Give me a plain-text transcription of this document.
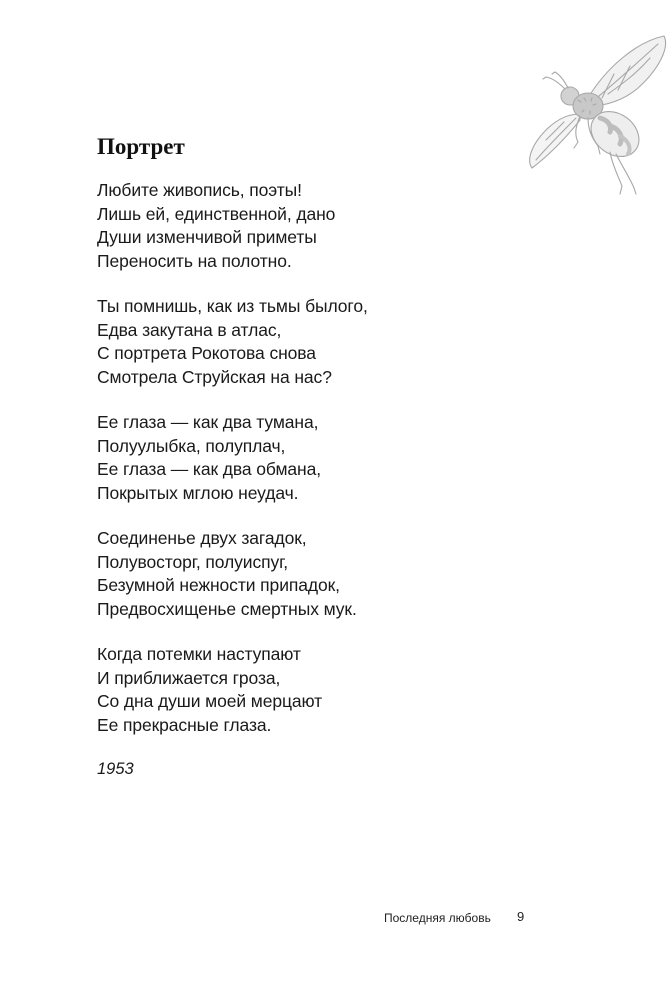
Портрет

Любите живопись, поэты!
Лишь ей, единственной, дано
Души изменчивой приметы
Переносить на полотно.

Ты помнишь, как из тьмы былого,
Едва закутана в атлас,
С портрета Рокотова снова
Смотрела Струйская на нас?

Ее глаза — как два тумана,
Полуулыбка, полуплач,
Ее глаза — как два обмана,
Покрытых мглою неудач.

Соединенье двух загадок,
Полувосторг, полуиспуг,
Безумной нежности припадок,
Предвосхищенье смертных мук.

Когда потемки наступают
И приближается гроза,
Со дна души моей мерцают
Ее прекрасные глаза.

1953
Последняя любовь 9
